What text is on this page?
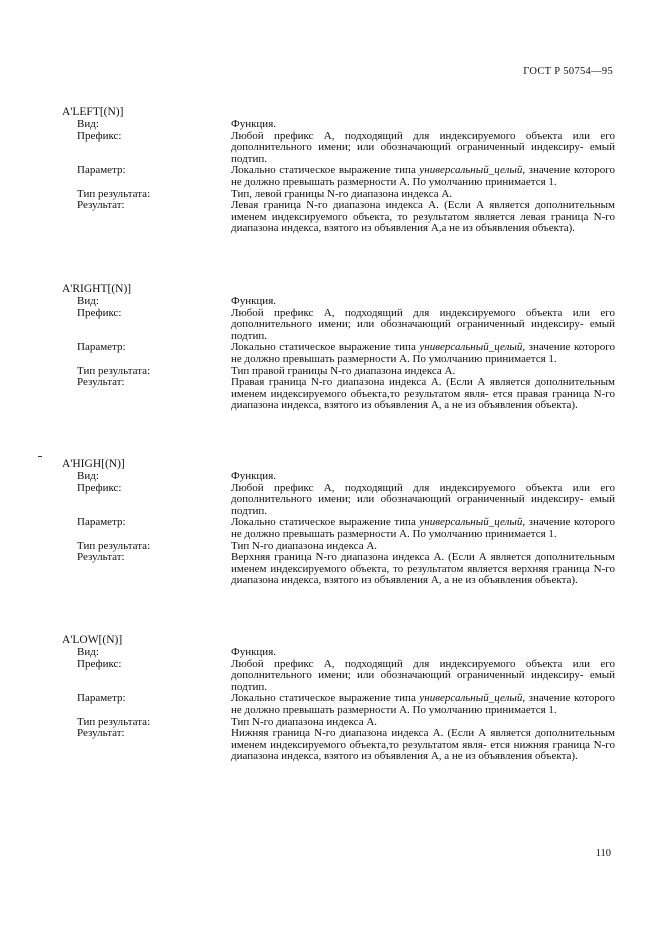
ГОСТ Р 50754—95
A'LEFT[(N)]
Вид:	Функция.
Префикс:	Любой префикс А, подходящий для индексируемого объекта или его дополнительного имени; или обозначающий ограниченный индексиру- емый подтип.
Параметр:	Локально статическое выражение типа универсальный_целый, значение которого не должно превышать размерности А. По умолчанию принимается 1.
Тип результата:	Тип, левой границы N-го диапазона индекса А.
Результат:	Левая граница N-го диапазона индекса А. (Если А является дополнительным именем индексируемого объекта, то результатом является левая граница N-го диапазона индекса, взятого из объявления А,а не из объявления объекта).
A'RIGHT[(N)]
Вид:	Функция.
Префикс:	Любой префикс А, подходящий для индексируемого объекта или его дополнительного имени; или обозначающий ограниченный индексиру- емый подтип.
Параметр:	Локально статическое выражение типа универсальный_целый, значение которого не должно превышать размерности А. По умолчанию принимается 1.
Тип результата:	Тип правой границы N-го диапазона индекса А.
Результат:	Правая граница N-го диапазона индекса А. (Если А является дополнительным именем индексируемого объекта,то результатом явля- ется правая граница N-го диапазона индекса, взятого из объявления А, а не из объявления объекта).
A'HIGH[(N)]
Вид:	Функция.
Префикс:	Любой префикс А, подходящий для индексируемого объекта или его дополнительного имени; или обозначающий ограниченный индексиру- емый подтип.
Параметр:	Локально статическое выражение типа универсальный_целый, значение которого не должно превышать размерности А. По умолчанию принимается 1.
Тип результата:	Тип N-го диапазона индекса А.
Результат:	Верхняя граница N-го диапазона индекса А. (Если А является дополнительным именем индексируемого объекта, то результатом является верхняя граница N-го диапазона индекса, взятого из объявления А, а не из объявления объекта).
A'LOW[(N)]
Вид:	Функция.
Префикс:	Любой префикс А, подходящий для индексируемого объекта или его дополнительного имени; или обозначающий ограниченный индексиру- емый подтип.
Параметр:	Локально статическое выражение типа универсальный_целый, значение которого не должно превышать размерности А. По умолчанию принимается 1.
Тип результата:	Тип N-го диапазона индекса А.
Результат:	Нижняя граница N-го диапазона индекса А. (Если А является дополнительным именем индексируемого объекта,то результатом явля- ется нижняя граница N-го диапазона индекса, взятого из объявления А, а не из объявления объекта).
110
